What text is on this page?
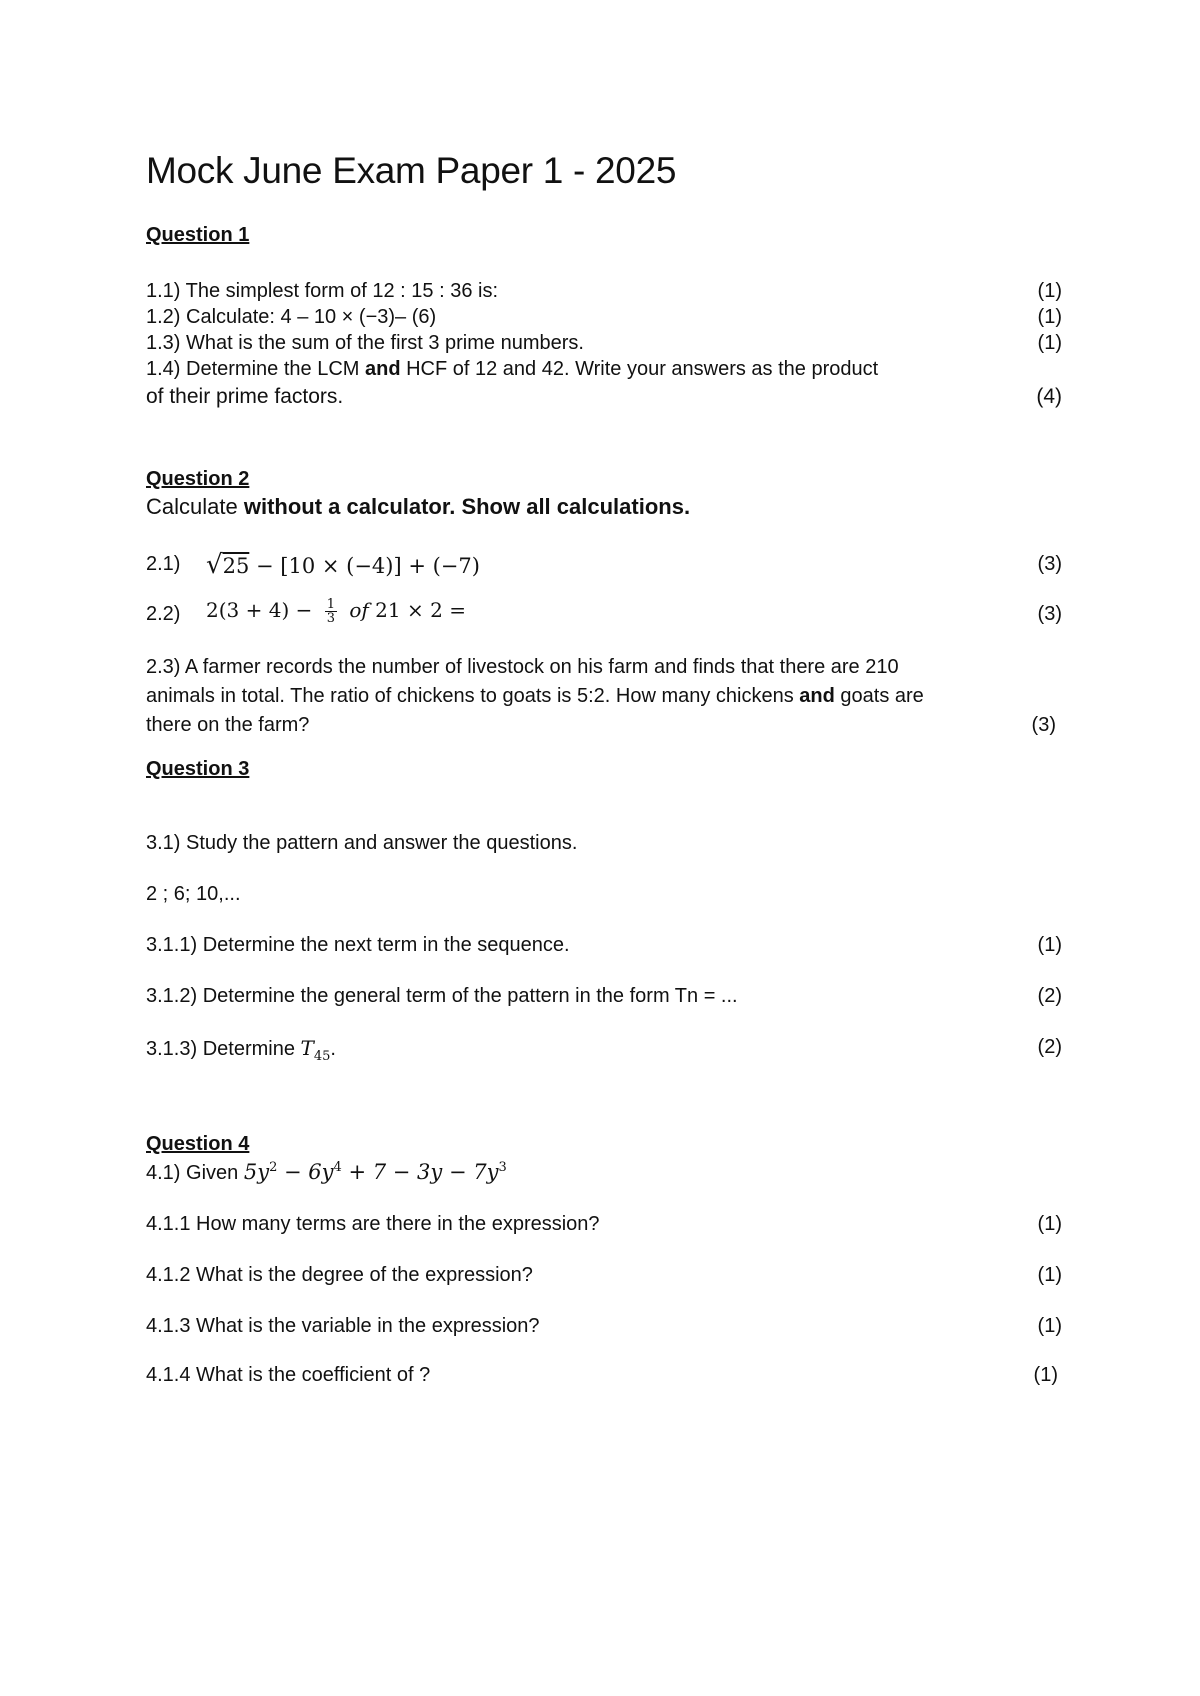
Mock June Exam Paper 1 - 2025
Question 1
1.1) The simplest form of 12 : 15 : 36 is:	(1)
1.2) Calculate: 4 – 10 × (−3)– (6)	(1)
1.3) What is the sum of the first 3 prime numbers.	(1)
1.4) Determine the LCM and HCF of 12 and 42. Write your answers as the product
of their prime factors.	(4)
Question 2
Calculate without a calculator. Show all calculations.
2.1) √25 − [10 × (−4)] + (−7)	(3)
2.2) $2(3 + 4) - \frac{1}{3}$ of 21 × 2 =	(3)
2.3) A farmer records the number of livestock on his farm and finds that there are 210
animals in total. The ratio of chickens to goats is 5:2. How many chickens and goats are
there on the farm?	(3)
Question 3
3.1) Study the pattern and answer the questions.
2 ; 6; 10,...
3.1.1) Determine the next term in the sequence.	(1)
3.1.2) Determine the general term of the pattern in the form Tn = ...	(2)
3.1.3) Determine $T_{45}$.	(2)
Question 4
4.1) Given $5y^2 - 6y^4 + 7 - 3y - 7y^3$
4.1.1 How many terms are there in the expression?	(1)
4.1.2 What is the degree of the expression?	(1)
4.1.3 What is the variable in the expression?	(1)
4.1.4 What is the coefficient of ?	(1)
